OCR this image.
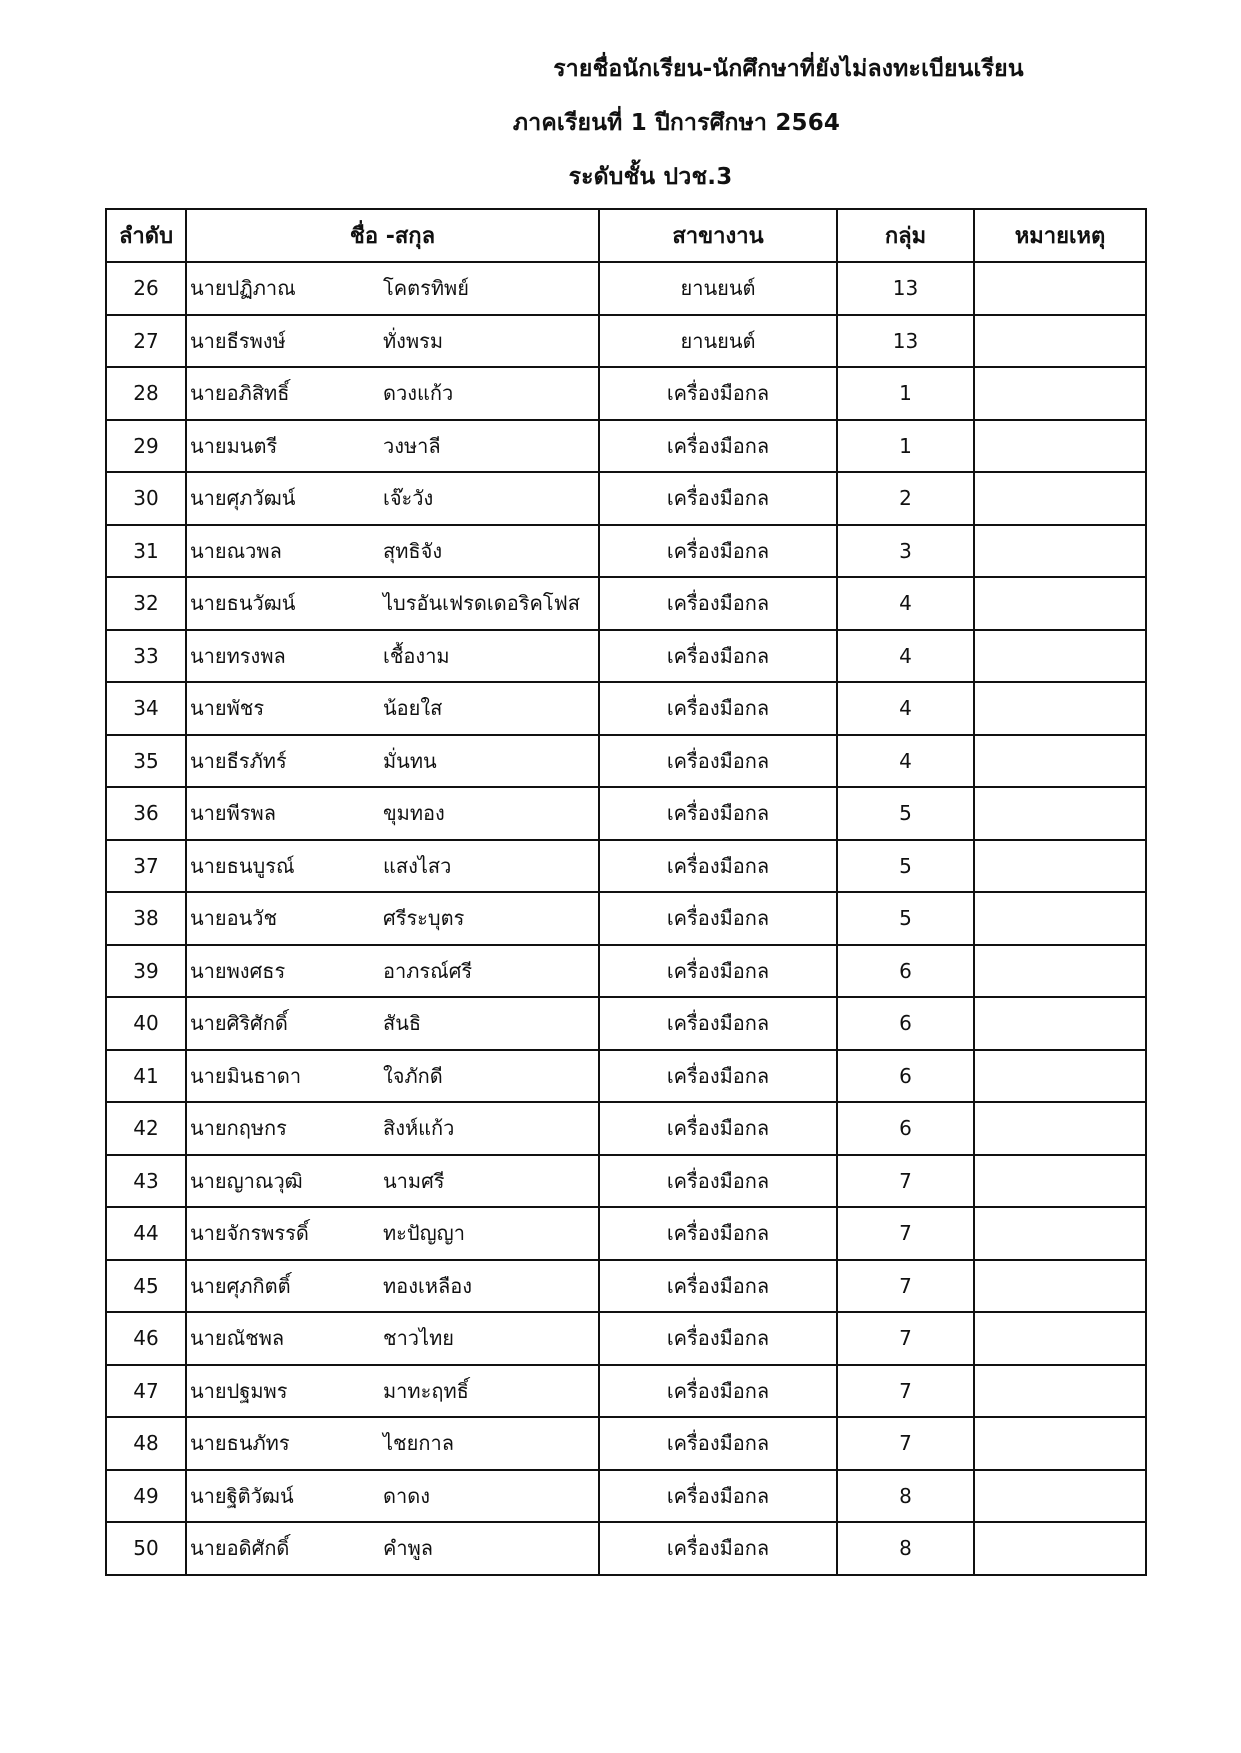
รายชื่อนักเรียน-นักศึกษาที่ยังไม่ลงทะเบียนเรียน
ภาคเรียนที่ 1 ปีการศึกษา 2564
ระดับชั้น ปวช.3
ลำดับ	ชื่อ -สกุล	สาขางาน	กลุ่ม	หมายเหตุ
26	นายปฏิภาณ โคตรทิพย์	ยานยนต์	13	
27	นายธีรพงษ์ ทั่งพรม	ยานยนต์	13	
28	นายอภิสิทธิ์ ดวงแก้ว	เครื่องมือกล	1	
29	นายมนตรี วงษาลี	เครื่องมือกล	1	
30	นายศุภวัฒน์ เจ๊ะวัง	เครื่องมือกล	2	
31	นายณวพล สุทธิจัง	เครื่องมือกล	3	
32	นายธนวัฒน์ ไบรอันเฟรดเดอริคโฟส	เครื่องมือกล	4	
33	นายทรงพล เชื้องาม	เครื่องมือกล	4	
34	นายพัชร น้อยใส	เครื่องมือกล	4	
35	นายธีรภัทร์ มั่นทน	เครื่องมือกล	4	
36	นายพีรพล ขุมทอง	เครื่องมือกล	5	
37	นายธนบูรณ์ แสงไสว	เครื่องมือกล	5	
38	นายอนวัช ศรีระบุตร	เครื่องมือกล	5	
39	นายพงศธร อาภรณ์ศรี	เครื่องมือกล	6	
40	นายศิริศักดิ์ สันธิ	เครื่องมือกล	6	
41	นายมินธาดา ใจภักดี	เครื่องมือกล	6	
42	นายกฤษกร สิงห์แก้ว	เครื่องมือกล	6	
43	นายญาณวุฒิ นามศรี	เครื่องมือกล	7	
44	นายจักรพรรดิ์ ทะปัญญา	เครื่องมือกล	7	
45	นายศุภกิตติ์ ทองเหลือง	เครื่องมือกล	7	
46	นายณัชพล ชาวไทย	เครื่องมือกล	7	
47	นายปฐมพร มาทะฤทธิ์	เครื่องมือกล	7	
48	นายธนภัทร ไชยกาล	เครื่องมือกล	7	
49	นายฐิติวัฒน์ ดาดง	เครื่องมือกล	8	
50	นายอดิศักดิ์ คำพูล	เครื่องมือกล	8	
